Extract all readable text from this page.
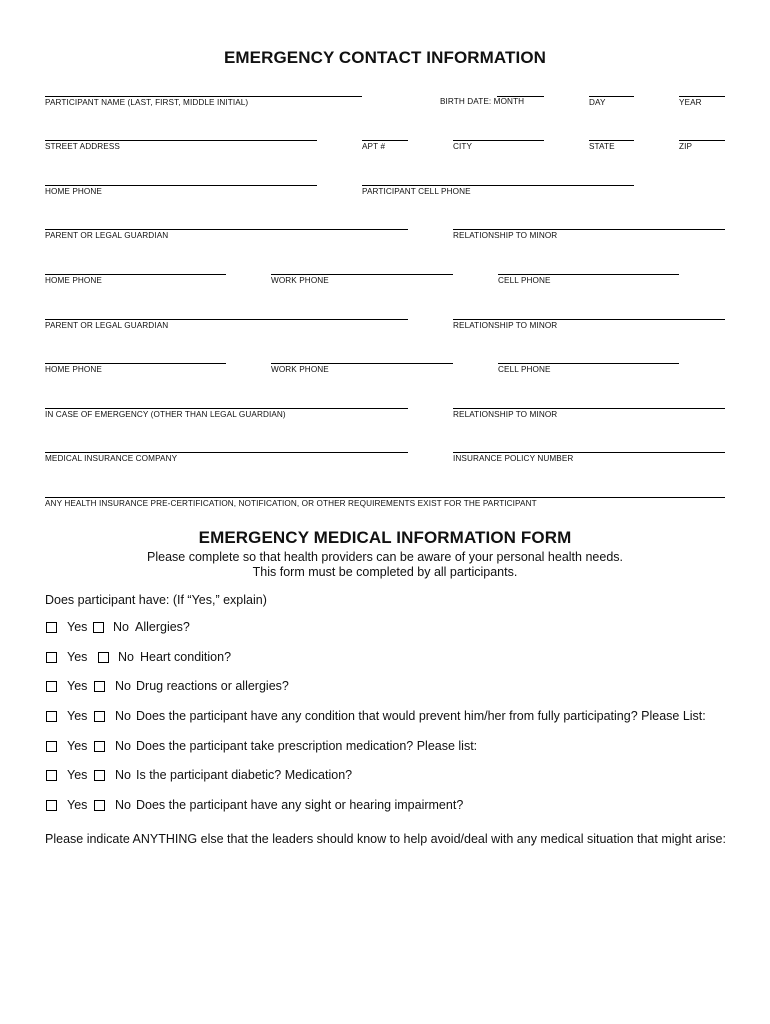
EMERGENCY CONTACT INFORMATION
PARTICIPANT NAME (LAST, FIRST, MIDDLE INITIAL)	BIRTH DATE: MONTH	DAY	YEAR
STREET ADDRESS	APT #	CITY	STATE	ZIP
HOME PHONE	PARTICIPANT CELL PHONE
PARENT OR LEGAL GUARDIAN	RELATIONSHIP TO MINOR
HOME PHONE	WORK PHONE	CELL PHONE
PARENT OR LEGAL GUARDIAN	RELATIONSHIP TO MINOR
HOME PHONE	WORK PHONE	CELL PHONE
IN CASE OF EMERGENCY (OTHER THAN LEGAL GUARDIAN)	RELATIONSHIP TO MINOR
MEDICAL INSURANCE COMPANY	INSURANCE POLICY NUMBER
ANY HEALTH INSURANCE PRE-CERTIFICATION, NOTIFICATION, OR OTHER REQUIREMENTS EXIST FOR THE PARTICIPANT
EMERGENCY MEDICAL INFORMATION FORM
Please complete so that health providers can be aware of your personal health needs.
This form must be completed by all participants.
Does participant have: (If “Yes,” explain)
Yes No Allergies?
Yes No Heart condition?
Yes No Drug reactions or allergies?
Yes No Does the participant have any condition that would prevent him/her from fully participating? Please List:
Yes No Does the participant take prescription medication? Please list:
Yes No Is the participant diabetic? Medication?
Yes No Does the participant have any sight or hearing impairment?
Please indicate ANYTHING else that the leaders should know to help avoid/deal with any medical situation that might arise:
